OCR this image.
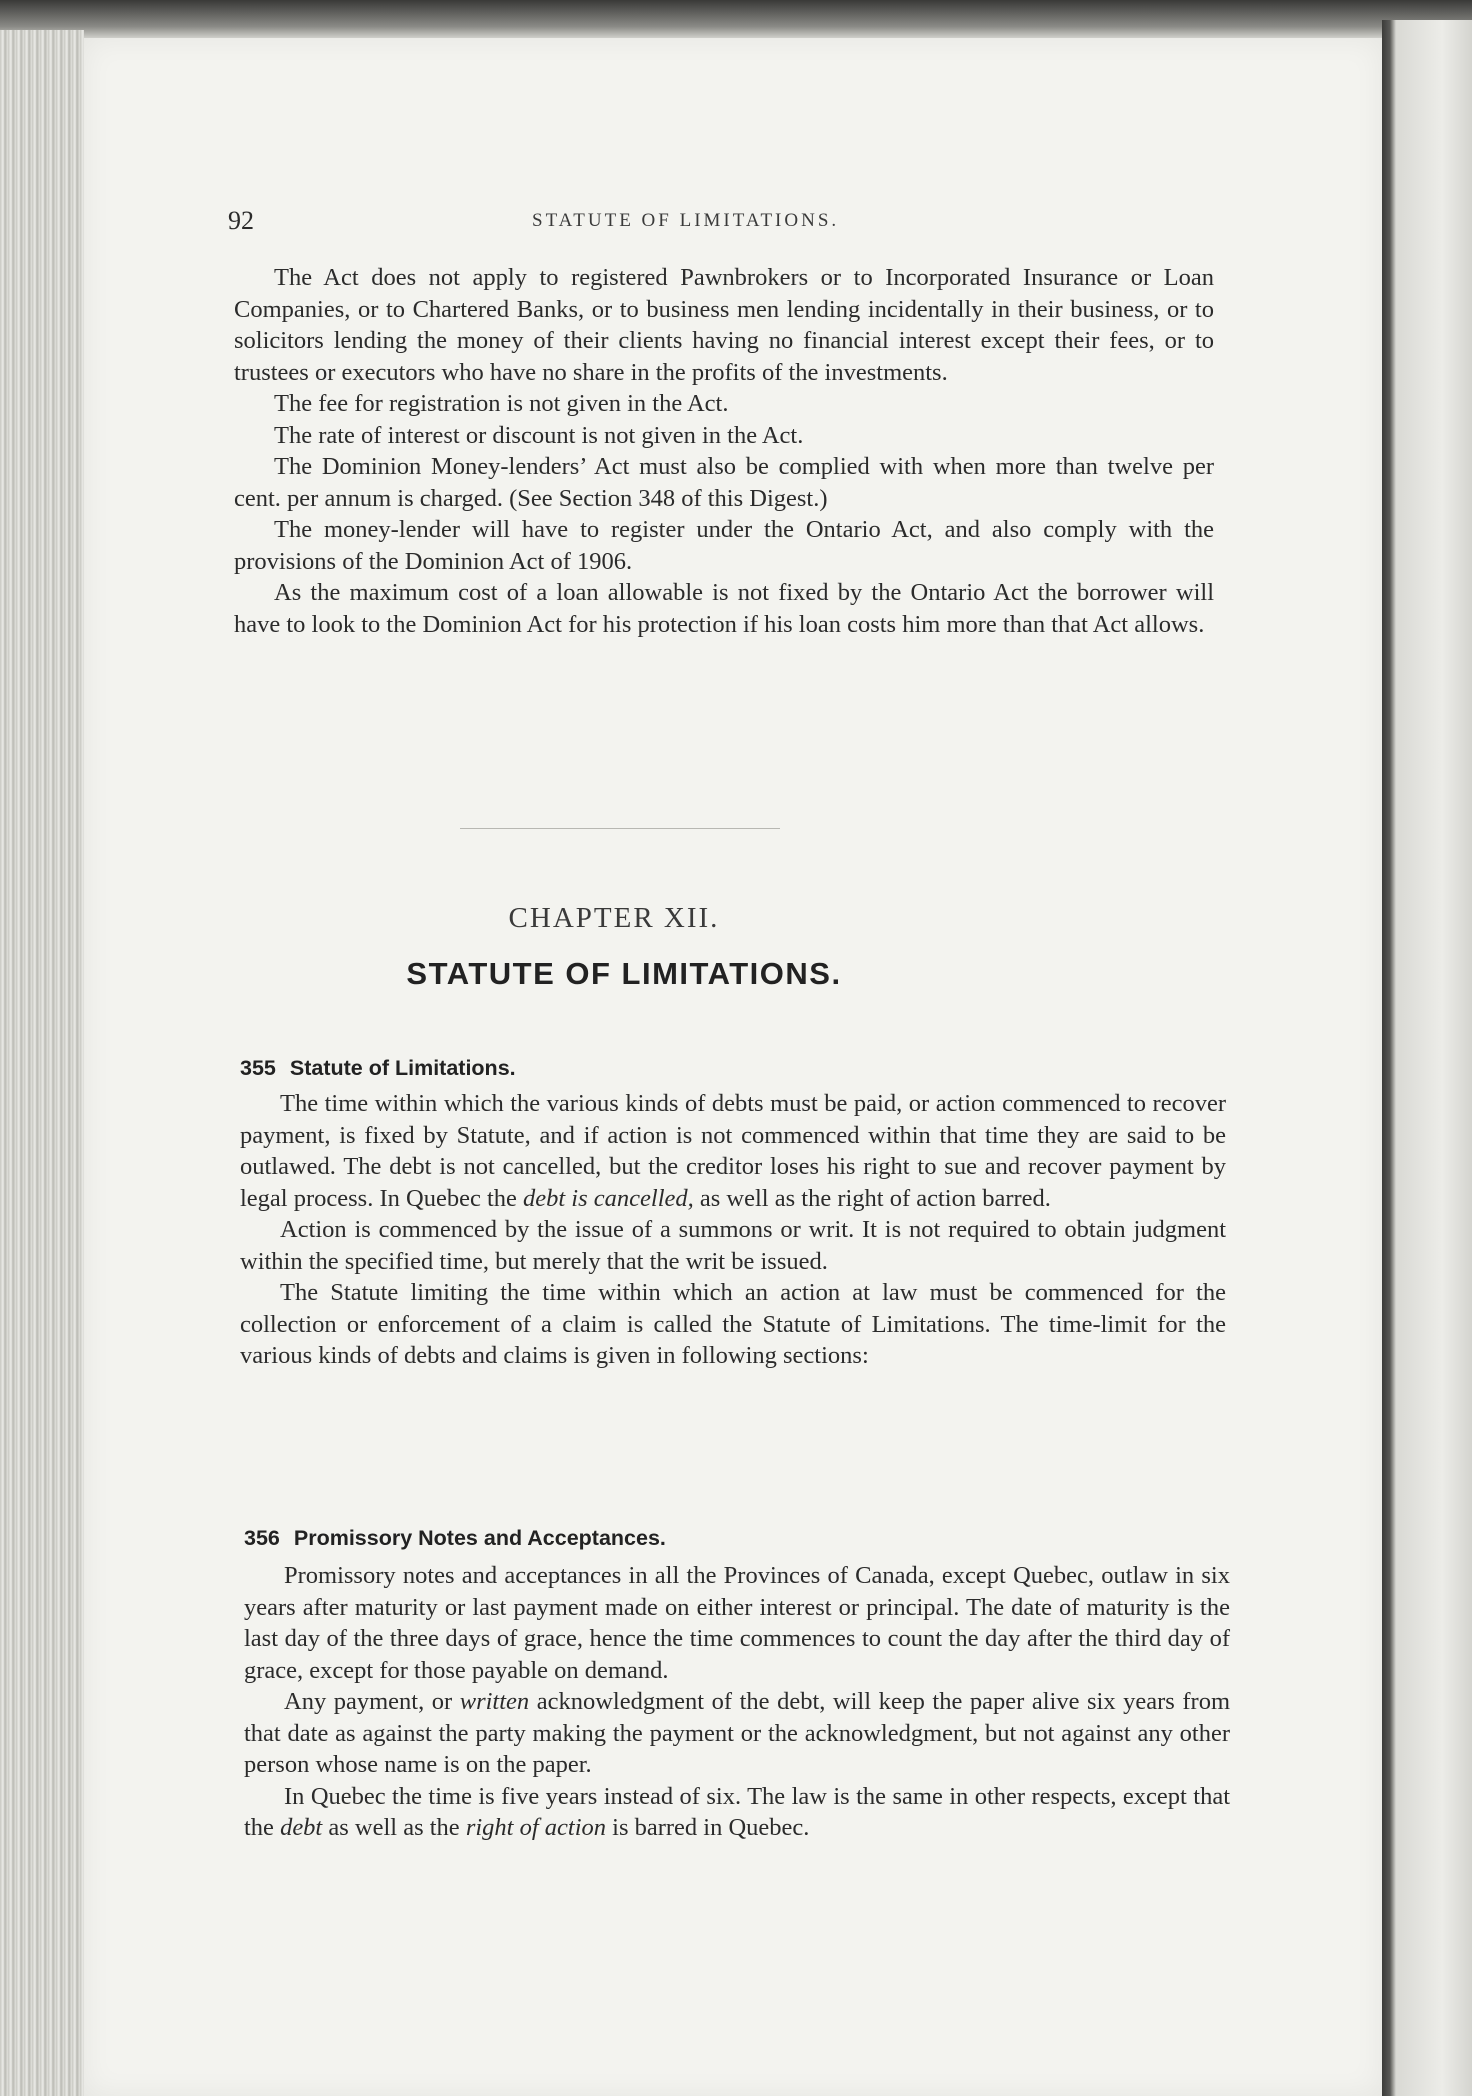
92	STATUTE OF LIMITATIONS.

The Act does not apply to registered Pawnbrokers or to Incorporated Insurance or Loan Companies, or to Chartered Banks, or to business men lending incidentally in their business, or to solicitors lending the money of their clients having no financial interest except their fees, or to trustees or executors who have no share in the profits of the investments.

The fee for registration is not given in the Act.

The rate of interest or discount is not given in the Act.

The Dominion Money-lenders’ Act must also be complied with when more than twelve per cent. per annum is charged. (See Section 348 of this Digest.)

The money-lender will have to register under the Ontario Act, and also comply with the provisions of the Dominion Act of 1906.

As the maximum cost of a loan allowable is not fixed by the Ontario Act the borrower will have to look to the Dominion Act for his protection if his loan costs him more than that Act allows.

CHAPTER XII.
STATUTE OF LIMITATIONS.
355 Statute of Limitations.

The time within which the various kinds of debts must be paid, or action commenced to recover payment, is fixed by Statute, and if action is not commenced within that time they are said to be outlawed. The debt is not cancelled, but the creditor loses his right to sue and recover payment by legal process. In Quebec the debt is cancelled, as well as the right of action barred.

Action is commenced by the issue of a summons or writ. It is not required to obtain judgment within the specified time, but merely that the writ be issued.

The Statute limiting the time within which an action at law must be commenced for the collection or enforcement of a claim is called the Statute of Limitations. The time-limit for the various kinds of debts and claims is given in following sections:

356 Promissory Notes and Acceptances.

Promissory notes and acceptances in all the Provinces of Canada, except Quebec, outlaw in six years after maturity or last payment made on either interest or principal. The date of maturity is the last day of the three days of grace, hence the time commences to count the day after the third day of grace, except for those payable on demand.

Any payment, or written acknowledgment of the debt, will keep the paper alive six years from that date as against the party making the payment or the acknowledgment, but not against any other person whose name is on the paper.

In Quebec the time is five years instead of six. The law is the same in other respects, except that the debt as well as the right of action is barred in Quebec.
